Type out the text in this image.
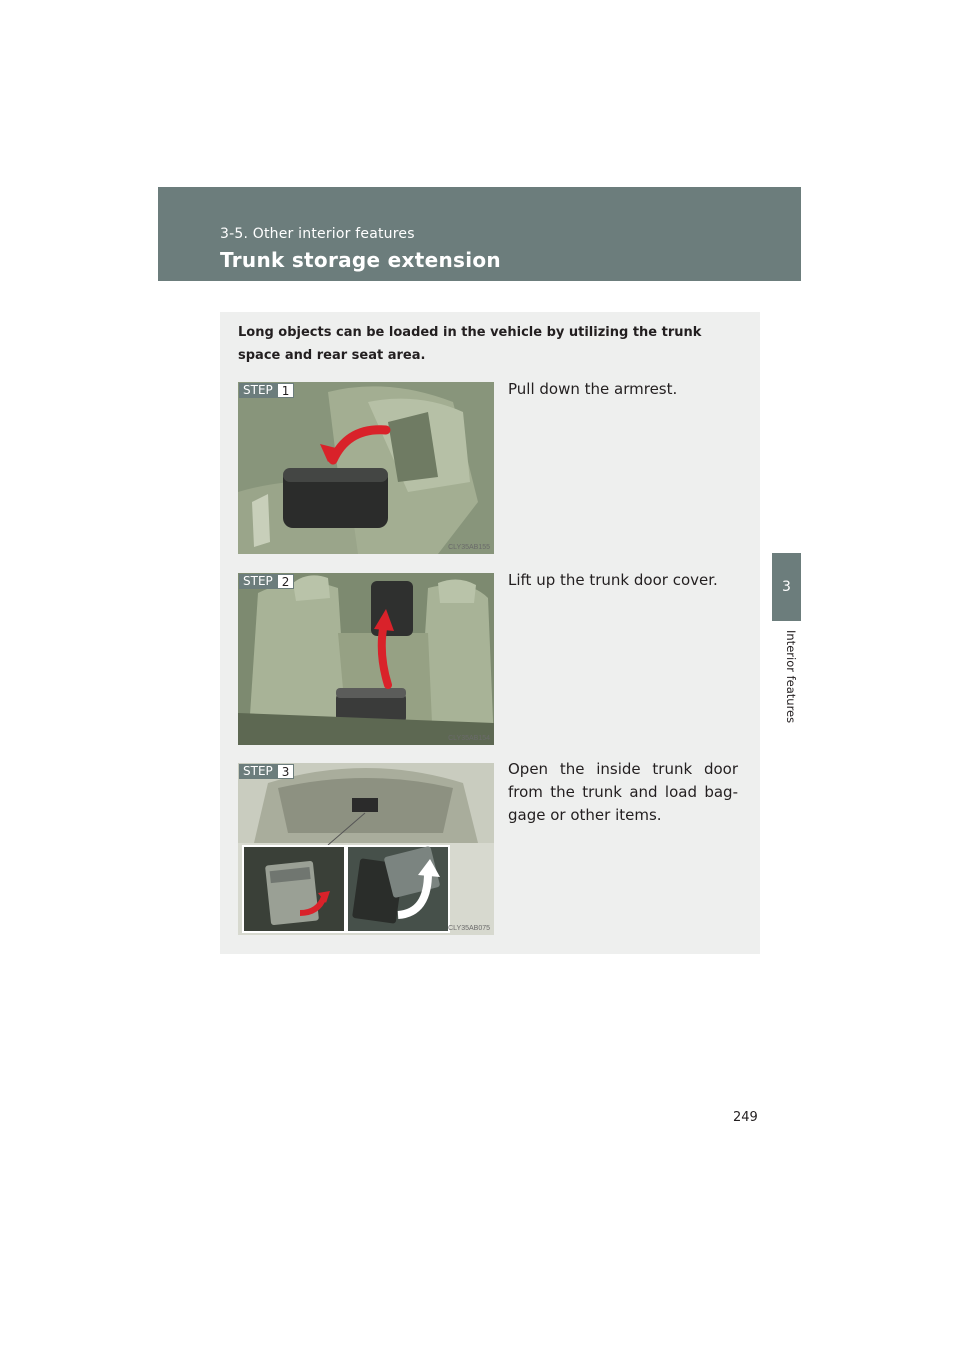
3-5. Other interior features
Trunk storage extension
3
Interior features
Long objects can be loaded in the vehicle by utilizing the trunk space and rear seat area.
STEP 1
CLY35AB155
Pull down the armrest.
STEP 2
CLY35AB154
Lift up the trunk door cover.
STEP 3
CLY35AB075
Open the inside trunk door from the trunk and load bag- gage or other items.
249
